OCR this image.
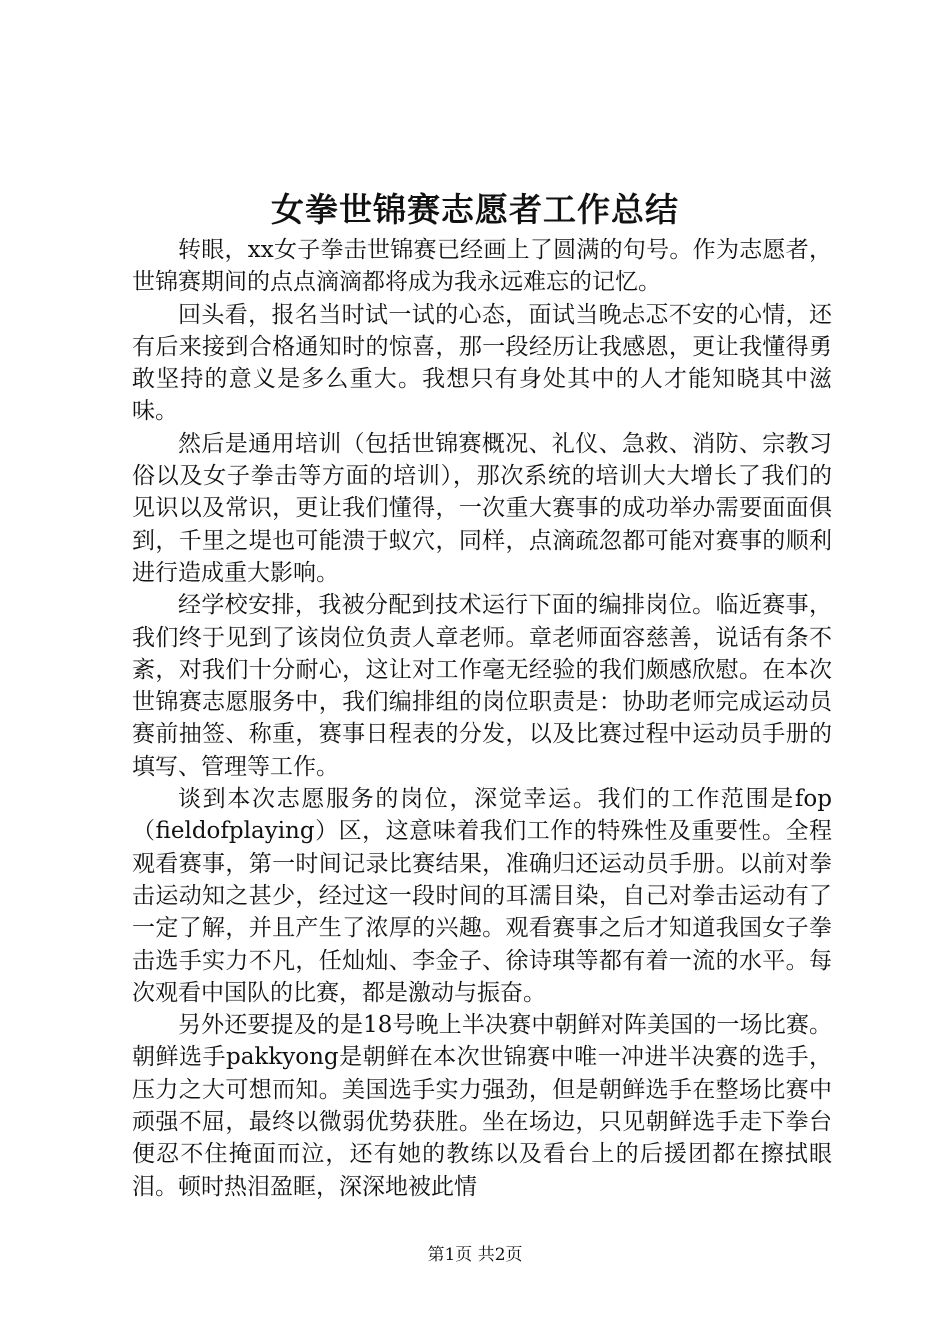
女拳世锦赛志愿者工作总结

转眼，xx女子拳击世锦赛已经画上了圆满的句号。作为志愿者，世锦赛期间的点点滴滴都将成为我永远难忘的记忆。

回头看，报名当时试一试的心态，面试当晚忐忑不安的心情，还有后来接到合格通知时的惊喜，那一段经历让我感恩，更让我懂得勇敢坚持的意义是多么重大。我想只有身处其中的人才能知晓其中滋味。

然后是通用培训（包括世锦赛概况、礼仪、急救、消防、宗教习俗以及女子拳击等方面的培训），那次系统的培训大大增长了我们的见识以及常识，更让我们懂得，一次重大赛事的成功举办需要面面俱到，千里之堤也可能溃于蚁穴，同样，点滴疏忽都可能对赛事的顺利进行造成重大影响。

经学校安排，我被分配到技术运行下面的编排岗位。临近赛事，我们终于见到了该岗位负责人章老师。章老师面容慈善，说话有条不紊，对我们十分耐心，这让对工作毫无经验的我们颇感欣慰。在本次世锦赛志愿服务中，我们编排组的岗位职责是：协助老师完成运动员赛前抽签、称重，赛事日程表的分发，以及比赛过程中运动员手册的填写、管理等工作。

谈到本次志愿服务的岗位，深觉幸运。我们的工作范围是fop（fieldofplaying）区，这意味着我们工作的特殊性及重要性。全程观看赛事，第一时间记录比赛结果，准确归还运动员手册。以前对拳击运动知之甚少，经过这一段时间的耳濡目染，自己对拳击运动有了一定了解，并且产生了浓厚的兴趣。观看赛事之后才知道我国女子拳击选手实力不凡，任灿灿、李金子、徐诗琪等都有着一流的水平。每次观看中国队的比赛，都是激动与振奋。

另外还要提及的是18号晚上半决赛中朝鲜对阵美国的一场比赛。朝鲜选手pakkyong是朝鲜在本次世锦赛中唯一冲进半决赛的选手，压力之大可想而知。美国选手实力强劲，但是朝鲜选手在整场比赛中顽强不屈，最终以微弱优势获胜。坐在场边，只见朝鲜选手走下拳台便忍不住掩面而泣，还有她的教练以及看台上的后援团都在擦拭眼泪。顿时热泪盈眶，深深地被此情

第1页 共2页
